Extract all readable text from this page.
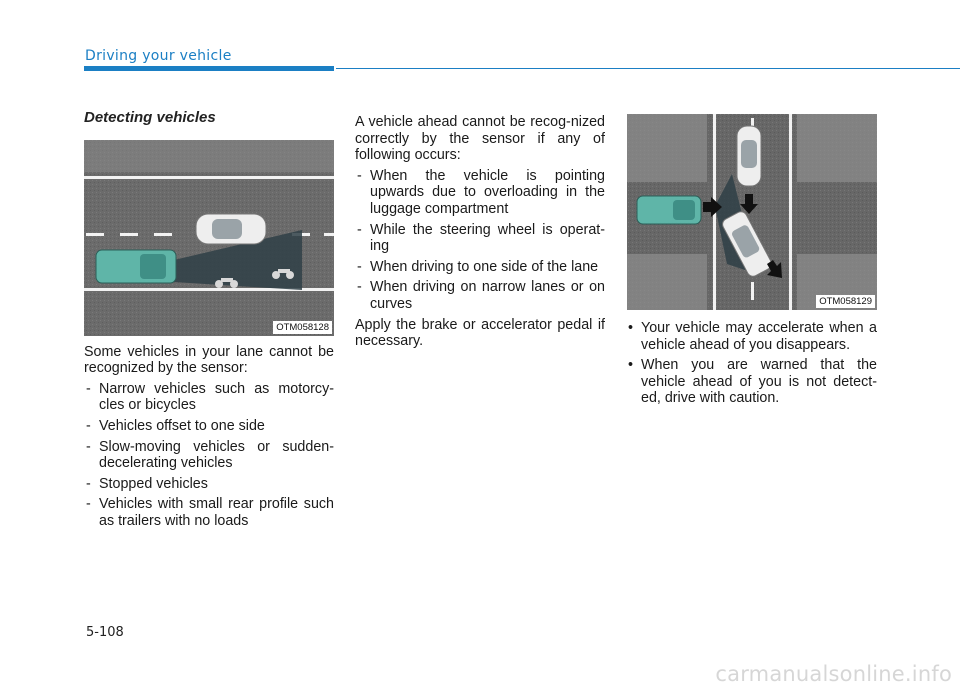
Driving your vehicle
Detecting vehicles
OTM058128

Some vehicles in your lane cannot be recognized by the sensor:

- Narrow vehicles such as motorcy-cles or bicycles
- Vehicles offset to one side
- Slow-moving vehicles or sudden-decelerating vehicles
- Stopped vehicles
- Vehicles with small rear profile such as trailers with no loads

A vehicle ahead cannot be recog-nized correctly by the sensor if any of following occurs:

- When the vehicle is pointing upwards due to overloading in the luggage compartment
- While the steering wheel is operat-ing
- When driving to one side of the lane
- When driving on narrow lanes or on curves

Apply the brake or accelerator pedal if necessary.

OTM058129
• Your vehicle may accelerate when a vehicle ahead of you disappears.
• When you are warned that the vehicle ahead of you is not detect-ed, drive with caution.
5-108
carmanualsonline.info
